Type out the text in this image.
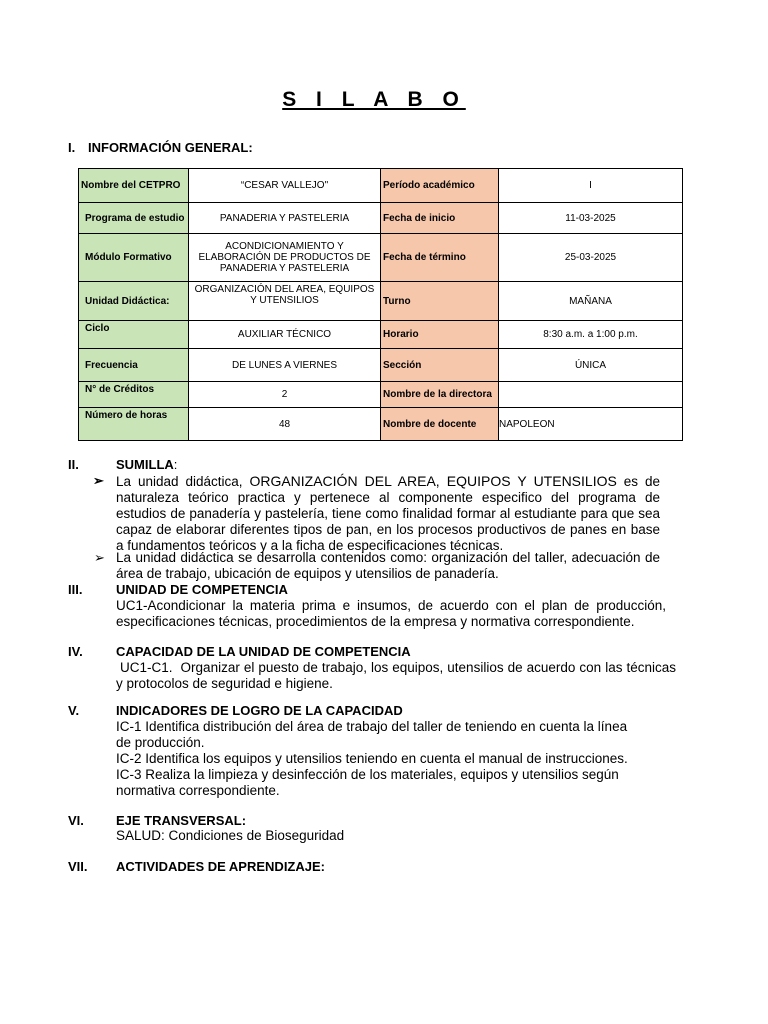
S I L A B O
I. INFORMACIÓN GENERAL:
Nombre del CETPRO	“CESAR VALLEJO"	Período académico	I
Programa de estudio	PANADERIA Y PASTELERIA	Fecha de inicio	11-03-2025
Módulo Formativo	ACONDICIONAMIENTO Y ELABORACIÓN DE PRODUCTOS DE PANADERIA Y PASTELERIA	Fecha de término	25-03-2025
Unidad Didáctica:	ORGANIZACIÓN DEL AREA, EQUIPOS Y UTENSILIOS	Turno	MAÑANA
Ciclo	AUXILIAR TÉCNICO	Horario	8:30 a.m. a 1:00 p.m.
Frecuencia	DE LUNES A VIERNES	Sección	ÚNICA
N° de Créditos	2	Nombre de la directora	
Número de horas	48	Nombre de docente	NAPOLEON
II.	SUMILLA:
➢ La unidad didáctica, ORGANIZACIÓN DEL AREA, EQUIPOS Y UTENSILIOS es de naturaleza teórico practica y pertenece al componente especifico del programa de estudios de panadería y pastelería, tiene como finalidad formar al estudiante para que sea capaz de elaborar diferentes tipos de pan, en los procesos productivos de panes en base a fundamentos teóricos y a la ficha de especificaciones técnicas.
➢ La unidad didáctica se desarrolla contenidos como: organización del taller, adecuación de área de trabajo, ubicación de equipos y utensilios de panadería.
III.	UNIDAD DE COMPETENCIA
UC1-Acondicionar la materia prima e insumos, de acuerdo con el plan de producción, especificaciones técnicas, procedimientos de la empresa y normativa correspondiente.
IV.	CAPACIDAD DE LA UNIDAD DE COMPETENCIA
UC1-C1.  Organizar el puesto de trabajo, los equipos, utensilios de acuerdo con las técnicas y protocolos de seguridad e higiene.
V.	INDICADORES DE LOGRO DE LA CAPACIDAD
IC-1 Identifica distribución del área de trabajo del taller de teniendo en cuenta la línea de producción.
IC-2 Identifica los equipos y utensilios teniendo en cuenta el manual de instrucciones.
IC-3 Realiza la limpieza y desinfección de los materiales, equipos y utensilios según normativa correspondiente.
VI. EJE TRANSVERSAL:
SALUD: Condiciones de Bioseguridad
VII. ACTIVIDADES DE APRENDIZAJE:
